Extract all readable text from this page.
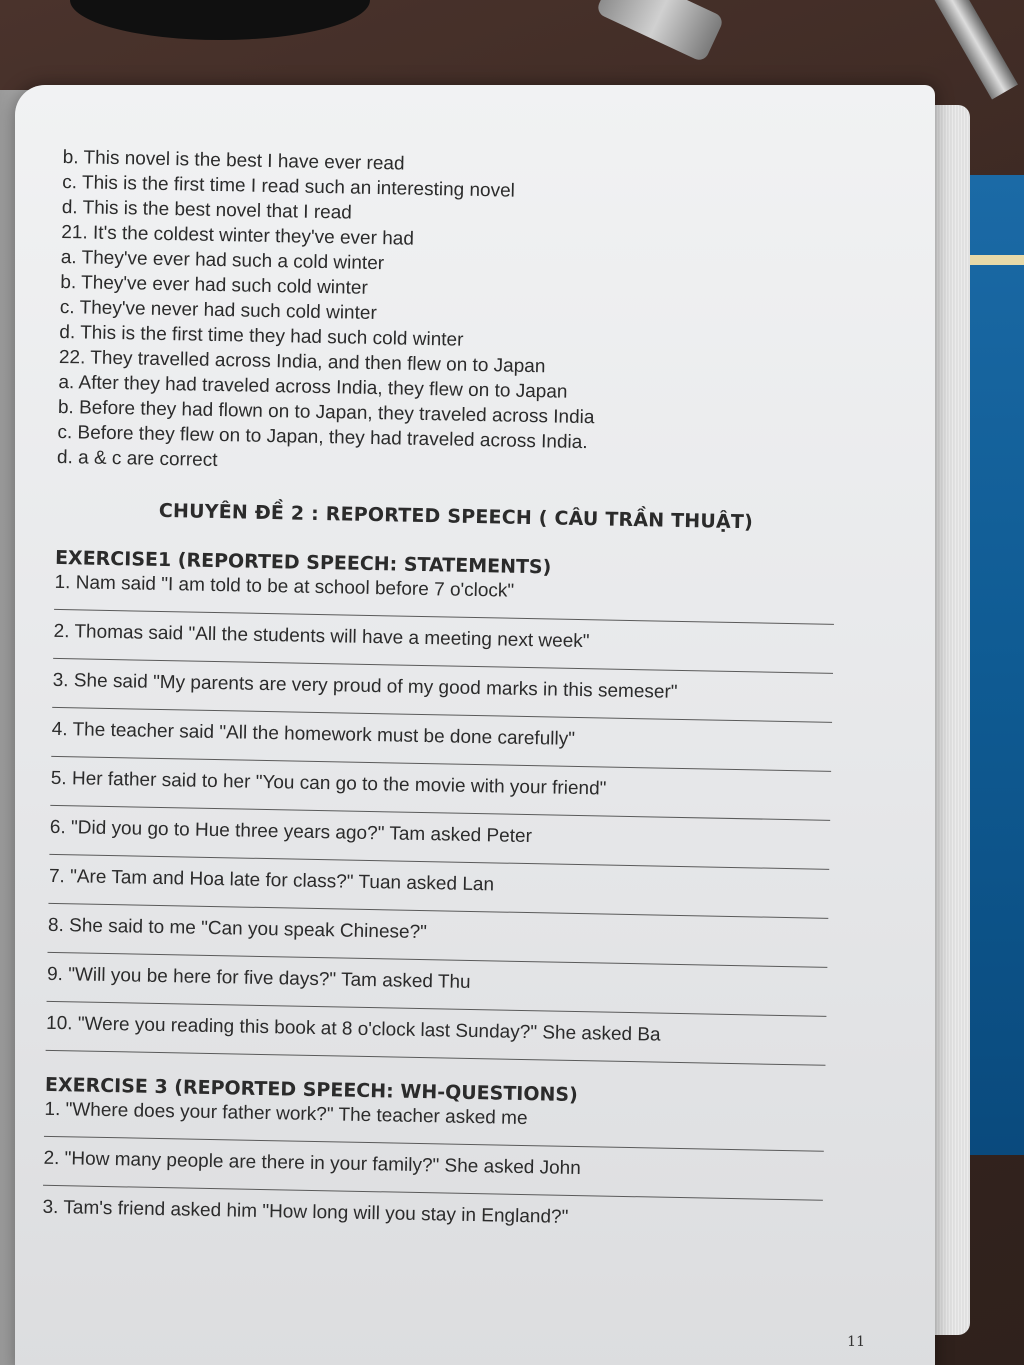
b. This novel is the best I have ever read
c. This is the first time I read such an interesting novel
d. This is the best novel that I read
21. It's the coldest winter they've ever had
a. They've ever had such a cold winter
b. They've ever had such cold winter
c. They've never had such cold winter
d. This is the first time they had such cold winter
22. They travelled across India, and then flew on to Japan
a. After they had traveled across India, they flew on to Japan
b. Before they had flown on to Japan, they traveled across India
c. Before they flew on to Japan, they had traveled across India.
d. a & c are correct
CHUYÊN ĐỀ 2 : REPORTED SPEECH ( CÂU TRẦN THUẬT)
EXERCISE1 (REPORTED SPEECH: STATEMENTS)
1. Nam said "I am told to be at school before 7 o'clock"
2. Thomas said "All the students will have a meeting next week"
3. She said "My parents are very proud of my good marks in this semeser"
4. The teacher said "All the homework must be done carefully"
5. Her father said to her "You can go to the movie with your friend"
6. "Did you go to Hue three years ago?" Tam asked Peter
7. "Are Tam and Hoa late for class?" Tuan asked Lan
8. She said to me "Can you speak Chinese?"
9. "Will you be here for five days?" Tam asked Thu
10. "Were you reading this book at 8 o'clock last Sunday?" She asked Ba
EXERCISE 3 (REPORTED SPEECH: WH-QUESTIONS)
1. "Where does your father work?" The teacher asked me
2. "How many people are there in your family?" She asked John
3. Tam's friend asked him "How long will you stay in England?"
11
